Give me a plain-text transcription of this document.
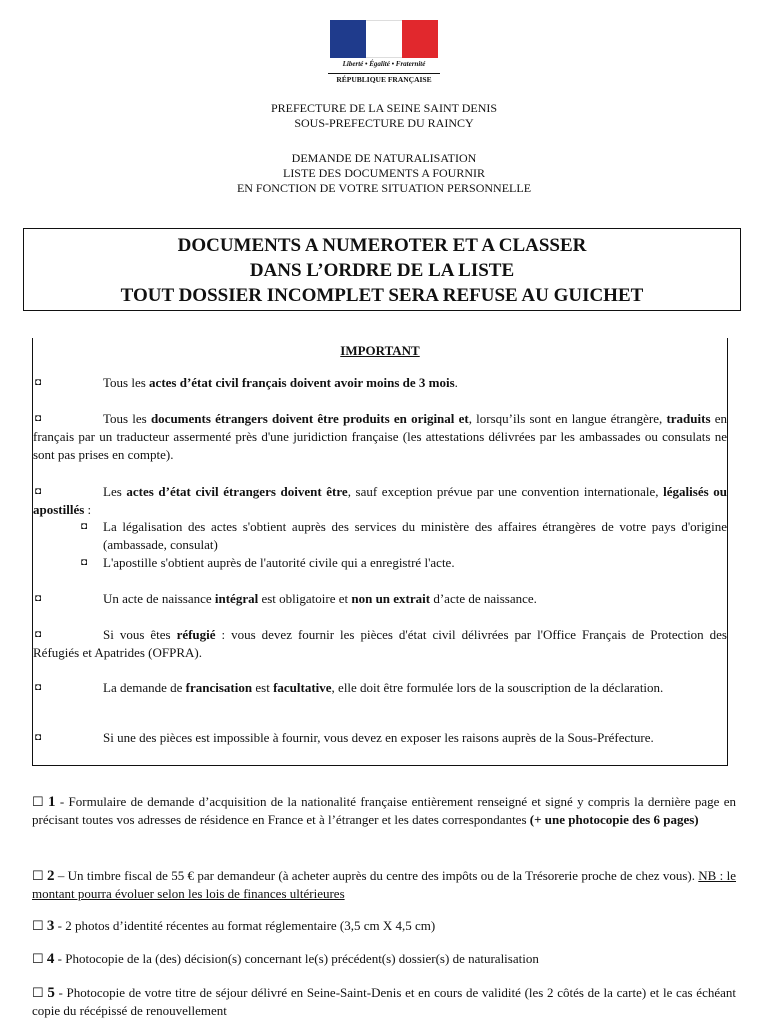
Liberté • Égalité • Fraternité
RÉPUBLIQUE FRANÇAISE
PREFECTURE DE LA SEINE SAINT DENIS
SOUS-PREFECTURE DU RAINCY
DEMANDE DE NATURALISATION
LISTE DES DOCUMENTS A FOURNIR
EN FONCTION DE VOTRE SITUATION PERSONNELLE
DOCUMENTS A NUMEROTER ET A CLASSER
DANS L’ORDRE DE LA LISTE
TOUT DOSSIER INCOMPLET SERA REFUSE AU GUICHET
IMPORTANT
◘	Tous les actes d’état civil français doivent avoir moins de 3 mois.
◘	Tous les documents étrangers doivent être produits en original et, lorsqu’ils sont en langue étrangère, traduits en français par un traducteur assermenté près d'une juridiction française (les attestations délivrées par les ambassades ou consulats ne sont pas prises en compte).
◘	Les actes d’état civil étrangers doivent être, sauf exception prévue par une convention internationale, légalisés ou apostillés :
◘	La légalisation des actes s'obtient auprès des services du ministère des affaires étrangères de votre pays d'origine (ambassade, consulat)
◘	L'apostille s'obtient auprès de l'autorité civile qui a enregistré l'acte.
◘	Un acte de naissance intégral est obligatoire et non un extrait d’acte de naissance.
◘	Si vous êtes réfugié : vous devez fournir les pièces d'état civil délivrées par l'Office Français de Protection des Réfugiés et Apatrides (OFPRA).
◘	La demande de francisation est facultative, elle doit être formulée lors de la souscription de la déclaration.
◘	Si une des pièces est impossible à fournir, vous devez en exposer les raisons auprès de la Sous-Préfecture.
☐ 1 - Formulaire de demande d’acquisition de la nationalité française entièrement renseigné et signé y compris la dernière page en précisant toutes vos adresses de résidence en France et à l’étranger et les dates correspondantes (+ une photocopie des 6 pages)
☐ 2 – Un timbre fiscal de 55 € par demandeur (à acheter auprès du centre des impôts ou de la Trésorerie proche de chez vous). NB : le montant pourra évoluer selon les lois de finances ultérieures
☐ 3 - 2 photos d’identité récentes au format réglementaire (3,5 cm X 4,5 cm)
☐ 4 - Photocopie de la (des) décision(s) concernant le(s) précédent(s) dossier(s) de naturalisation
☐ 5 - Photocopie de votre titre de séjour délivré en Seine-Saint-Denis et en cours de validité (les 2 côtés de la carte) et le cas échéant copie du récépissé de renouvellement
